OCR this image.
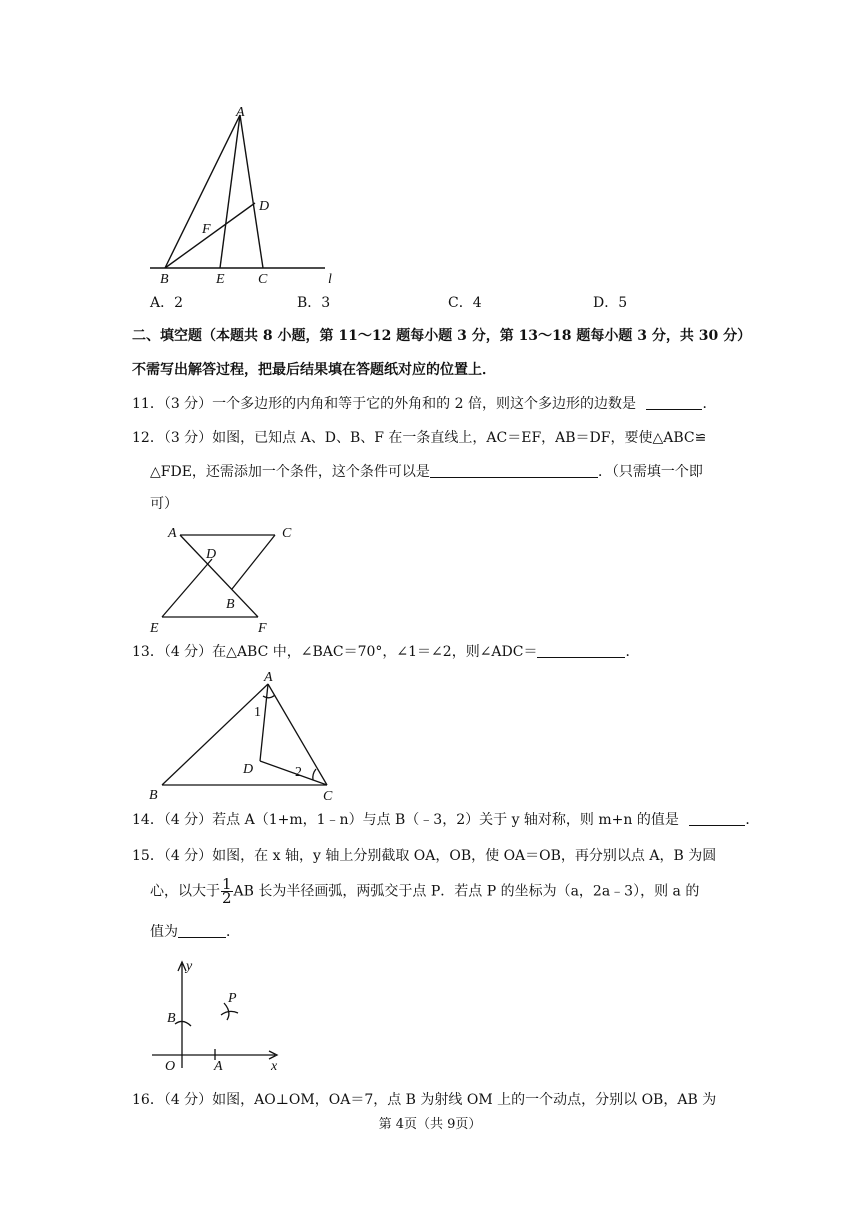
A
D
F
B	E C	l
A．2	B．3	C．4	D．5
二、填空题（本题共 8 小题，第 11～12 题每小题 3 分，第 13～18 题每小题 3 分，共 30 分）
不需写出解答过程，把最后结果填在答题纸对应的位置上．
11．（3 分）一个多边形的内角和等于它的外角和的 2 倍，则这个多边形的边数是	．
12．（3 分）如图，已知点 A、D、B、F 在一条直线上，AC＝EF，AB＝DF，要使△ABC≌
△FDE，还需添加一个条件，这个条件可以是	．（只需填一个即
可）
A	C
D
B
E	F
13．（4 分）在△ABC 中，∠BAC＝70°，∠1＝∠2，则∠ADC＝	．
A
1
D	2
B	C
14．（4 分）若点 A（1+m，1﹣n）与点 B（﹣3，2）关于 y 轴对称，则 m+n 的值是	．
15．（4 分）如图，在 x 轴，y 轴上分别截取 OA，OB，使 OA＝OB，再分别以点 A，B 为圆
心，以大于 $\frac{1}{2}$ AB 长为半径画弧，两弧交于点 P．若点 P 的坐标为（a，2a﹣3），则 a 的
值为	．
y
P
B
O	A	x
16．（4 分）如图，AO⊥OM，OA＝7，点 B 为射线 OM 上的一个动点，分别以 OB，AB 为
第 4页（共 9页）
